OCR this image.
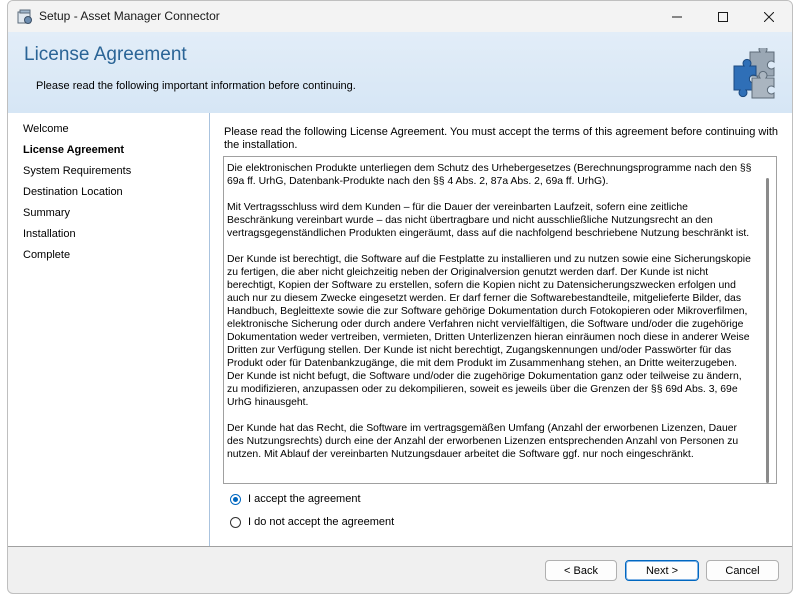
Setup - Asset Manager Connector
License Agreement
Please read the following important information before continuing.
Welcome
License Agreement
System Requirements
Destination Location
Summary
Installation
Complete
Please read the following License Agreement. You must accept the terms of this agreement before continuing with the installation.

Die elektronischen Produkte unterliegen dem Schutz des Urhebergesetzes (Berechnungsprogramme nach den §§ 69a ff. UrhG, Datenbank-Produkte nach den §§ 4 Abs. 2, 87a Abs. 2, 69a ff. UrhG).

Mit Vertragsschluss wird dem Kunden – für die Dauer der vereinbarten Laufzeit, sofern eine zeitliche Beschränkung vereinbart wurde – das nicht übertragbare und nicht ausschließliche Nutzungsrecht an den vertragsgegenständlichen Produkten eingeräumt, dass auf die nachfolgend beschriebene Nutzung beschränkt ist.

Der Kunde ist berechtigt, die Software auf die Festplatte zu installieren und zu nutzen sowie eine Sicherungskopie zu fertigen, die aber nicht gleichzeitig neben der Originalversion genutzt werden darf. Der Kunde ist nicht berechtigt, Kopien der Software zu erstellen, sofern die Kopien nicht zu Datensicherungszwecken erfolgen und auch nur zu diesem Zwecke eingesetzt werden. Er darf ferner die Softwarebestandteile, mitgelieferte Bilder, das Handbuch, Begleittexte sowie die zur Software gehörige Dokumentation durch Fotokopieren oder Mikroverfilmen, elektronische Sicherung oder durch andere Verfahren nicht vervielfältigen, die Software und/oder die zugehörige Dokumentation weder vertreiben, vermieten, Dritten Unterlizenzen hieran einräumen noch diese in anderer Weise Dritten zur Verfügung stellen. Der Kunde ist nicht berechtigt, Zugangskennungen und/oder Passwörter für das Produkt oder für Datenbankzugänge, die mit dem Produkt im Zusammenhang stehen, an Dritte weiterzugeben. Der Kunde ist nicht befugt, die Software und/oder die zugehörige Dokumentation ganz oder teilweise zu ändern, zu modifizieren, anzupassen oder zu dekompilieren, soweit es jeweils über die Grenzen der §§ 69d Abs. 3, 69e UrhG hinausgeht.

Der Kunde hat das Recht, die Software im vertragsgemäßen Umfang (Anzahl der erworbenen Lizenzen, Dauer des Nutzungsrechts) durch eine der Anzahl der erworbenen Lizenzen entsprechenden Anzahl von Personen zu nutzen. Mit Ablauf der vereinbarten Nutzungsdauer arbeitet die Software ggf. nur noch eingeschränkt.

I accept the agreement
I do not accept the agreement
< Back	Next >	Cancel
